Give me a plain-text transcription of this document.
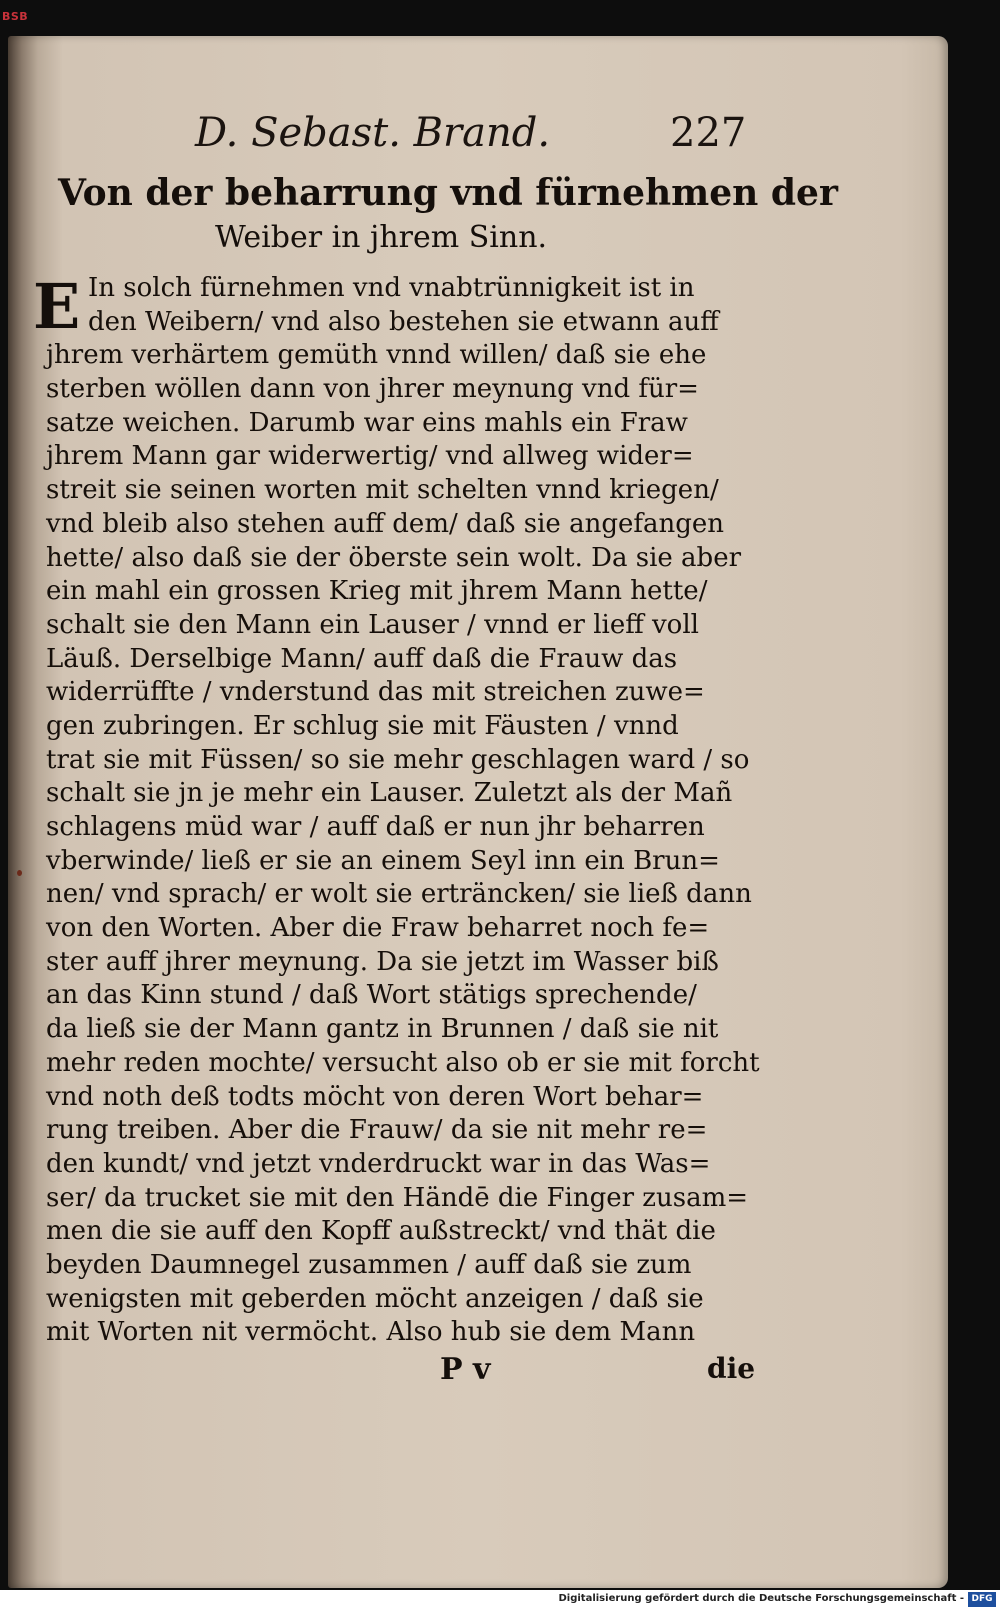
BSB
D. Sebast. Brand.	227
Von der beharrung vnd fürnehmen der
Weiber in jhrem Sinn.
E In solch fürnehmen vnd vnabtrünnigkeit ist in
den Weibern/ vnd also bestehen sie etwann auff
jhrem verhärtem gemüth vnnd willen/ daß sie ehe
sterben wöllen dann von jhrer meynung vnd für=
satze weichen. Darumb war eins mahls ein Fraw
jhrem Mann gar widerwertig/ vnd allweg wider=
streit sie seinen worten mit schelten vnnd kriegen/
vnd bleib also stehen auff dem/ daß sie angefangen
hette/ also daß sie der öberste sein wolt. Da sie aber
ein mahl ein grossen Krieg mit jhrem Mann hette/
schalt sie den Mann ein Lauser / vnnd er lieff voll
Läuß. Derselbige Mann/ auff daß die Frauw das
widerrüffte / vnderstund das mit streichen zuwe=
gen zubringen. Er schlug sie mit Fäusten / vnnd
trat sie mit Füssen/ so sie mehr geschlagen ward / so
schalt sie jn je mehr ein Lauser. Zuletzt als der Mañ
schlagens müd war / auff daß er nun jhr beharren
vberwinde/ ließ er sie an einem Seyl inn ein Brun=
nen/ vnd sprach/ er wolt sie erträncken/ sie ließ dann
von den Worten. Aber die Fraw beharret noch fe=
ster auff jhrer meynung. Da sie jetzt im Wasser biß
an das Kinn stund / daß Wort stätigs sprechende/
da ließ sie der Mann gantz in Brunnen / daß sie nit
mehr reden mochte/ versucht also ob er sie mit forcht
vnd noth deß todts möcht von deren Wort behar=
rung treiben. Aber die Frauw/ da sie nit mehr re=
den kundt/ vnd jetzt vnderdruckt war in das Was=
ser/ da trucket sie mit den Händē die Finger zusam=
men die sie auff den Kopff außstreckt/ vnd thät die
beyden Daumnegel zusammen / auff daß sie zum
wenigsten mit geberden möcht anzeigen / daß sie
mit Worten nit vermöcht. Also hub sie dem Mann
P v	die
Digitalisierung gefördert durch die Deutsche Forschungsgemeinschaft - DFG
